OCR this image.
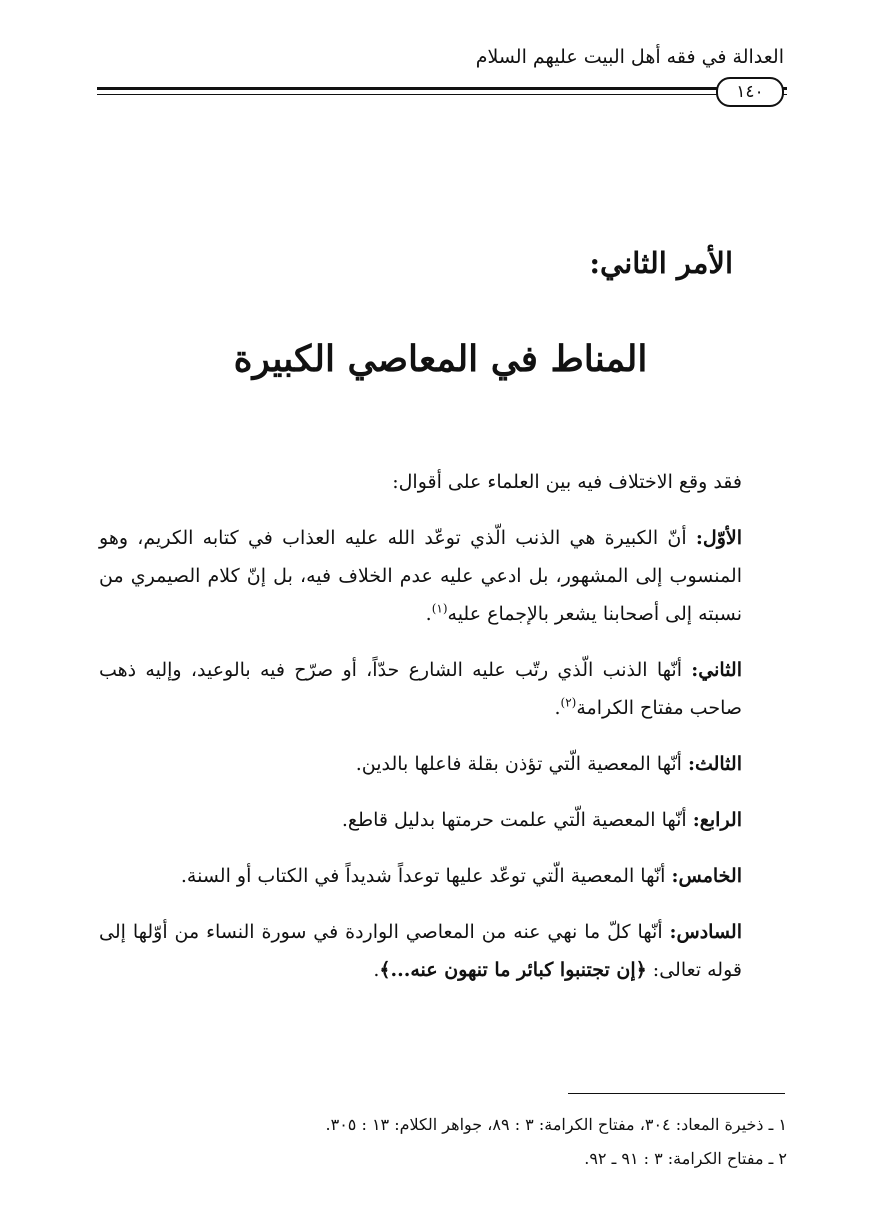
العدالة في فقه أهل البيت عليهم السلام
١٤٠
الأمر الثاني:
المناط في المعاصي الكبيرة

فقد وقع الاختلاف فيه بين العلماء على أقوال:

الأوّل: أنّ الكبيرة هي الذنب الّذي توعّد الله عليه العذاب في كتابه الكريم، وهو المنسوب إلى المشهور، بل ادعي عليه عدم الخلاف فيه، بل إنّ كلام الصيمري من نسبته إلى أصحابنا يشعر بالإجماع عليه$^{(١)}$.

الثاني: أنّها الذنب الّذي رتّب عليه الشارع حدّاً، أو صرّح فيه بالوعيد، وإليه ذهب صاحب مفتاح الكرامة$^{(٢)}$.

الثالث: أنّها المعصية الّتي تؤذن بقلة فاعلها بالدين.

الرابع: أنّها المعصية الّتي علمت حرمتها بدليل قاطع.

الخامس: أنّها المعصية الّتي توعّد عليها توعداً شديداً في الكتاب أو السنة.

السادس: أنّها كلّ ما نهي عنه من المعاصي الواردة في سورة النساء من أوّلها إلى قوله تعالى: ﴿إن تجتنبوا كبائر ما تنهون عنه...﴾.

١ ـ ذخيرة المعاد: ٣٠٤، مفتاح الكرامة: ٣ : ٨٩، جواهر الكلام: ١٣ : ٣٠٥.
٢ ـ مفتاح الكرامة: ٣ : ٩١ ـ ٩٢.
